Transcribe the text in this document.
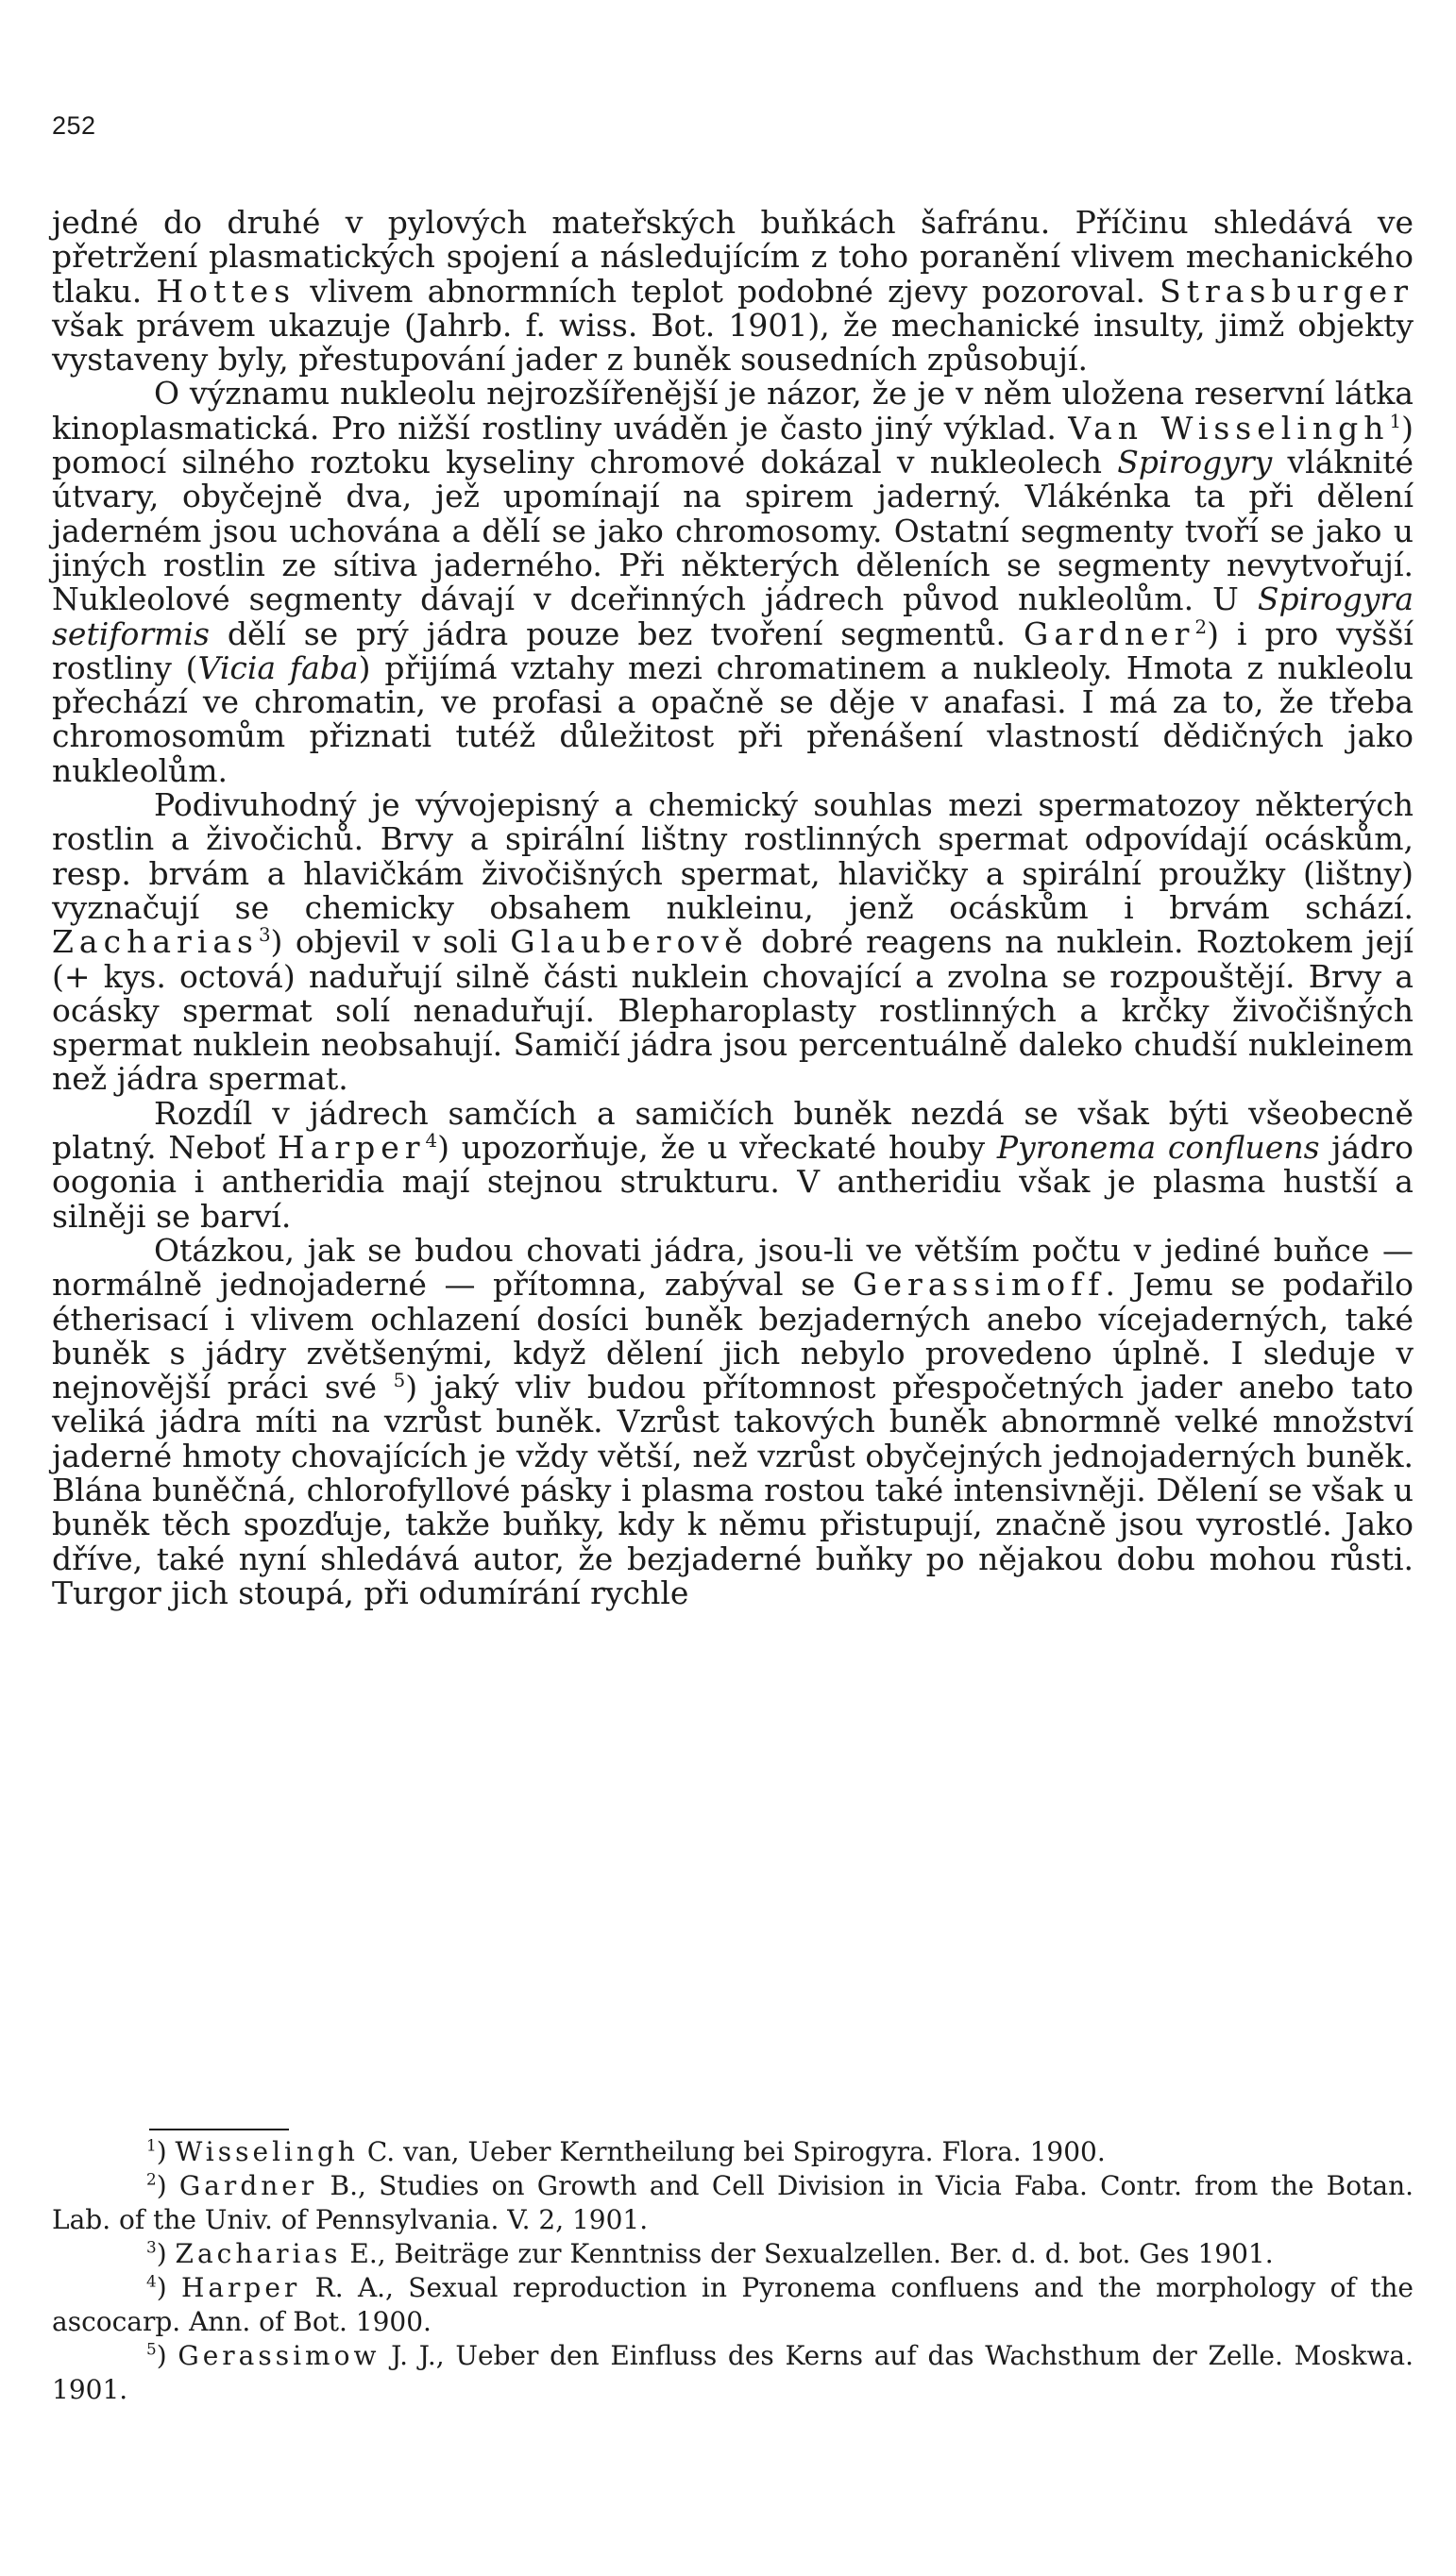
252

jedné do druhé v pylových mateřských buňkách šafránu. Příčinu shledává ve přetržení plasmatických spojení a následujícím z toho poranění vlivem mechanického tlaku. Hottes vlivem abnormních teplot podobné zjevy pozoroval. Strasburger však právem ukazuje (Jahrb. f. wiss. Bot. 1901), že mechanické insulty, jimž objekty vystaveny byly, přestupování jader z buněk sousedních způsobují.

O významu nukleolu nejrozšířenější je názor, že je v něm uložena reservní látka kinoplasmatická. Pro nižší rostliny uváděn je často jiný výklad. Van Wisselingh$^1$) pomocí silného roztoku kyseliny chromové dokázal v nukleolech Spirogyry vláknité útvary, obyčejně dva, jež upomínají na spirem jaderný. Vlákénka ta při dělení jaderném jsou uchována a dělí se jako chromosomy. Ostatní segmenty tvoří se jako u jiných rostlin ze sítiva jaderného. Při některých děleních se segmenty nevytvořují. Nukleolové segmenty dávají v dceřinných jádrech původ nukleolům. U Spirogyra setiformis dělí se prý jádra pouze bez tvoření segmentů. Gardner$^2$) i pro vyšší rostliny (Vicia faba) přijímá vztahy mezi chromatinem a nukleoly. Hmota z nukleolu přechází ve chromatin, ve profasi a opačně se děje v anafasi. I má za to, že třeba chromosomům přiznati tutéž důležitost při přenášení vlastností dědičných jako nukleolům.

Podivuhodný je vývojepisný a chemický souhlas mezi spermatozoy některých rostlin a živočichů. Brvy a spirální lištny rostlinných spermat odpovídají ocáskům, resp. brvám a hlavičkám živočišných spermat, hlavičky a spirální proužky (lištny) vyznačují se chemicky obsahem nukleinu, jenž ocáskům i brvám schází. Zacharias$^3$) objevil v soli Glauberově dobré reagens na nuklein. Roztokem její (+ kys. octová) naduřují silně části nuklein chovající a zvolna se rozpouštějí. Brvy a ocásky spermat solí nenaduřují. Blepharoplasty rostlinných a krčky živočišných spermat nuklein neobsahují. Samičí jádra jsou percentuálně daleko chudší nukleinem než jádra spermat.

Rozdíl v jádrech samčích a samičích buněk nezdá se však býti všeobecně platný. Neboť Harper$^4$) upozorňuje, že u vřeckaté houby Pyronema confluens jádro oogonia i antheridia mají stejnou strukturu. V antheridiu však je plasma hustší a silněji se barví.

Otázkou, jak se budou chovati jádra, jsou-li ve větším počtu v jediné buňce — normálně jednojaderné — přítomna, zabýval se Gerassimoff. Jemu se podařilo étherisací i vlivem ochlazení dosíci buněk bezjaderných anebo vícejaderných, také buněk s jádry zvětšenými, když dělení jich nebylo provedeno úplně. I sleduje v nejnovější práci své $^5$) jaký vliv budou přítomnost přespočetných jader anebo tato veliká jádra míti na vzrůst buněk. Vzrůst takových buněk abnormně velké množství jaderné hmoty chovajících je vždy větší, než vzrůst obyčejných jednojaderných buněk. Blána buněčná, chlorofyllové pásky i plasma rostou také intensivněji. Dělení se však u buněk těch spozďuje, takže buňky, kdy k němu přistupují, značně jsou vyrostlé. Jako dříve, také nyní shledává autor, že bezjaderné buňky po nějakou dobu mohou růsti. Turgor jich stoupá, při odumírání rychle

$^1$) Wisselingh C. van, Ueber Kerntheilung bei Spirogyra. Flora. 1900.

$^2$) Gardner B., Studies on Growth and Cell Division in Vicia Faba. Contr. from the Botan. Lab. of the Univ. of Pennsylvania. V. 2, 1901.

$^3$) Zacharias E., Beiträge zur Kenntniss der Sexualzellen. Ber. d. d. bot. Ges 1901.

$^4$) Harper R. A., Sexual reproduction in Pyronema confluens and the morphology of the ascocarp. Ann. of Bot. 1900.

$^5$) Gerassimow J. J., Ueber den Einfluss des Kerns auf das Wachsthum der Zelle. Moskwa. 1901.
